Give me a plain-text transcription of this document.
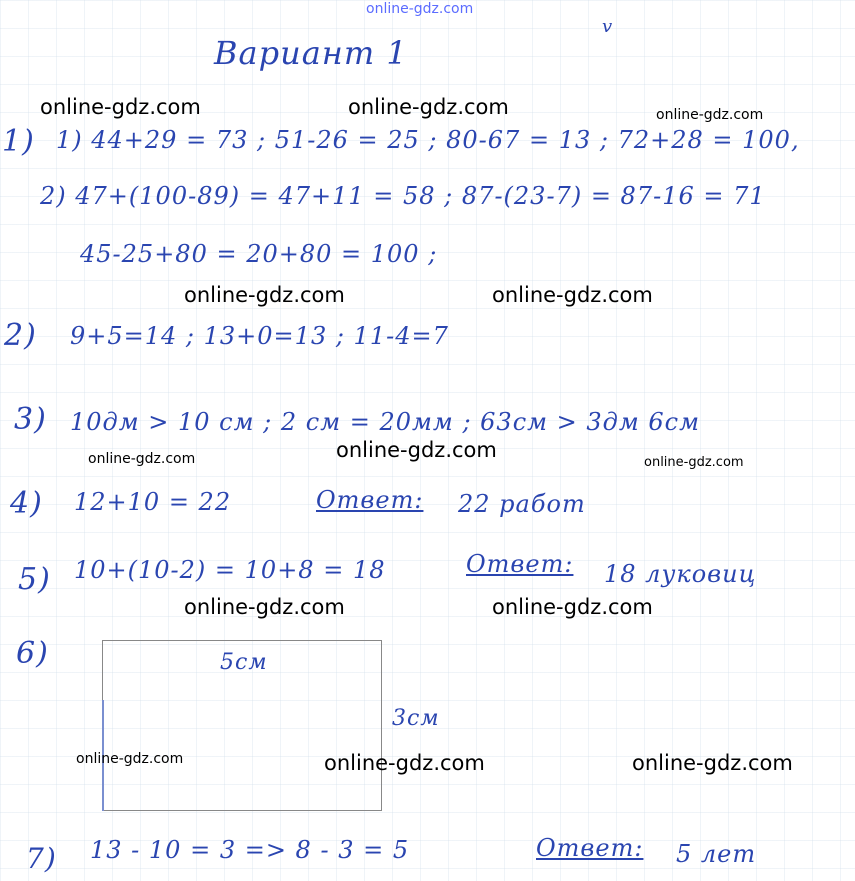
online-gdz.com
Вариант 1
v
1) 1) 44+29 = 73 ; 51-26 = 25 ; 80-67 = 13 ; 72+28 = 100,
2) 47+(100-89) = 47+11 = 58 ; 87-(23-7) = 87-16 = 71
45-25+80 = 20+80 = 100 ;
2) 9+5=14 ; 13+0=13 ; 11-4=7
3) 10дм > 10 см ; 2 см = 20мм ; 63см > 3дм 6см
4) 12+10 = 22	Ответ: 22 работ
5) 10+(10-2) = 10+8 = 18	Ответ: 18 луковиц
6)	5см
3см
7) 13 - 10 = 3 => 8 - 3 = 5	Ответ: 5 лет
online-gdz.com	online-gdz.com	online-gdz.com
online-gdz.com	online-gdz.com
online-gdz.com	online-gdz.com
online-gdz.com
online-gdz.com	online-gdz.com
online-gdz.com	online-gdz.com	online-gdz.com
